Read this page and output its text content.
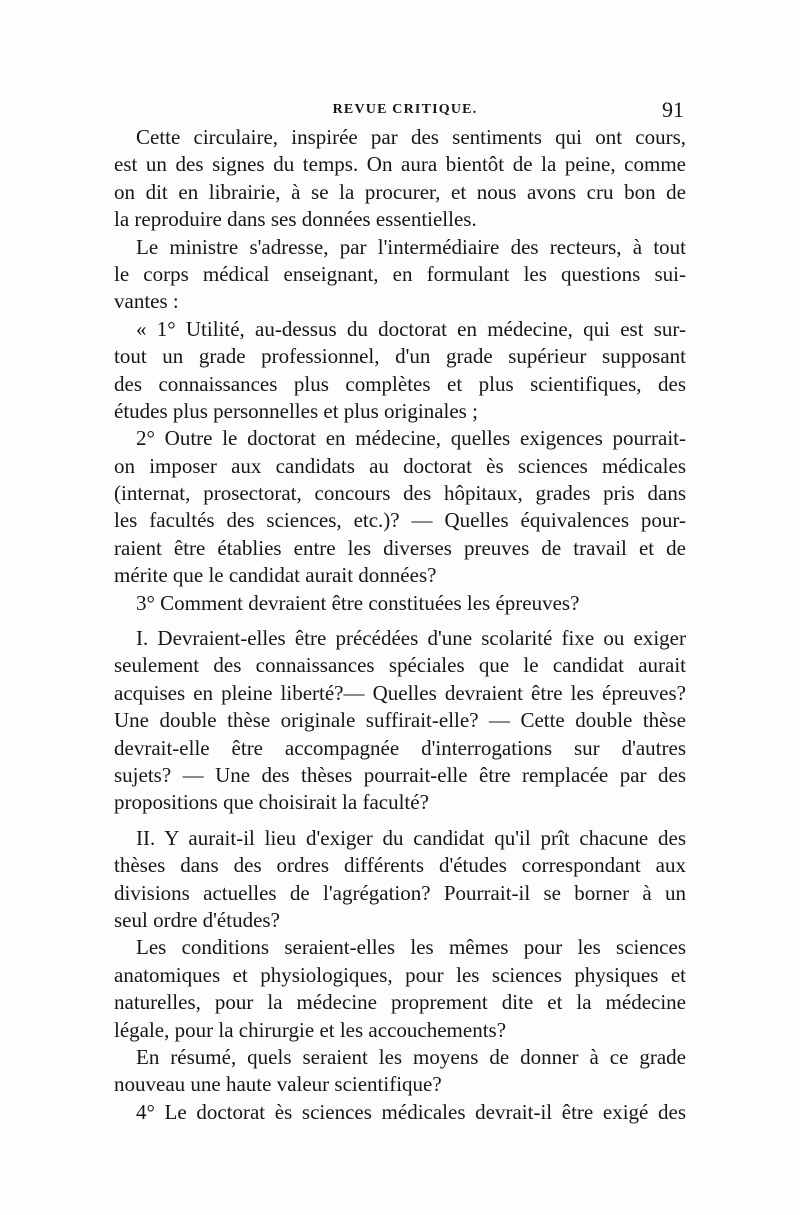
REVUE CRITIQUE.	91
Cette circulaire, inspirée par des sentiments qui ont cours,
est un des signes du temps. On aura bientôt de la peine, comme
on dit en librairie, à se la procurer, et nous avons cru bon de
la reproduire dans ses données essentielles.
Le ministre s'adresse, par l'intermédiaire des recteurs, à tout
le corps médical enseignant, en formulant les questions sui-
vantes :
« 1° Utilité, au-dessus du doctorat en médecine, qui est sur-
tout un grade professionnel, d'un grade supérieur supposant
des connaissances plus complètes et plus scientifiques, des
études plus personnelles et plus originales ;
2° Outre le doctorat en médecine, quelles exigences pourrait-
on imposer aux candidats au doctorat ès sciences médicales
(internat, prosectorat, concours des hôpitaux, grades pris dans
les facultés des sciences, etc.)? — Quelles équivalences pour-
raient être établies entre les diverses preuves de travail et de
mérite que le candidat aurait données?
3° Comment devraient être constituées les épreuves?
I. Devraient-elles être précédées d'une scolarité fixe ou exiger
seulement des connaissances spéciales que le candidat aurait
acquises en pleine liberté?— Quelles devraient être les épreuves?
Une double thèse originale suffirait-elle? — Cette double thèse
devrait-elle être accompagnée d'interrogations sur d'autres
sujets? — Une des thèses pourrait-elle être remplacée par des
propositions que choisirait la faculté?
II. Y aurait-il lieu d'exiger du candidat qu'il prît chacune des
thèses dans des ordres différents d'études correspondant aux
divisions actuelles de l'agrégation? Pourrait-il se borner à un
seul ordre d'études?
Les conditions seraient-elles les mêmes pour les sciences
anatomiques et physiologiques, pour les sciences physiques et
naturelles, pour la médecine proprement dite et la médecine
légale, pour la chirurgie et les accouchements?
En résumé, quels seraient les moyens de donner à ce grade
nouveau une haute valeur scientifique?
4° Le doctorat ès sciences médicales devrait-il être exigé des
